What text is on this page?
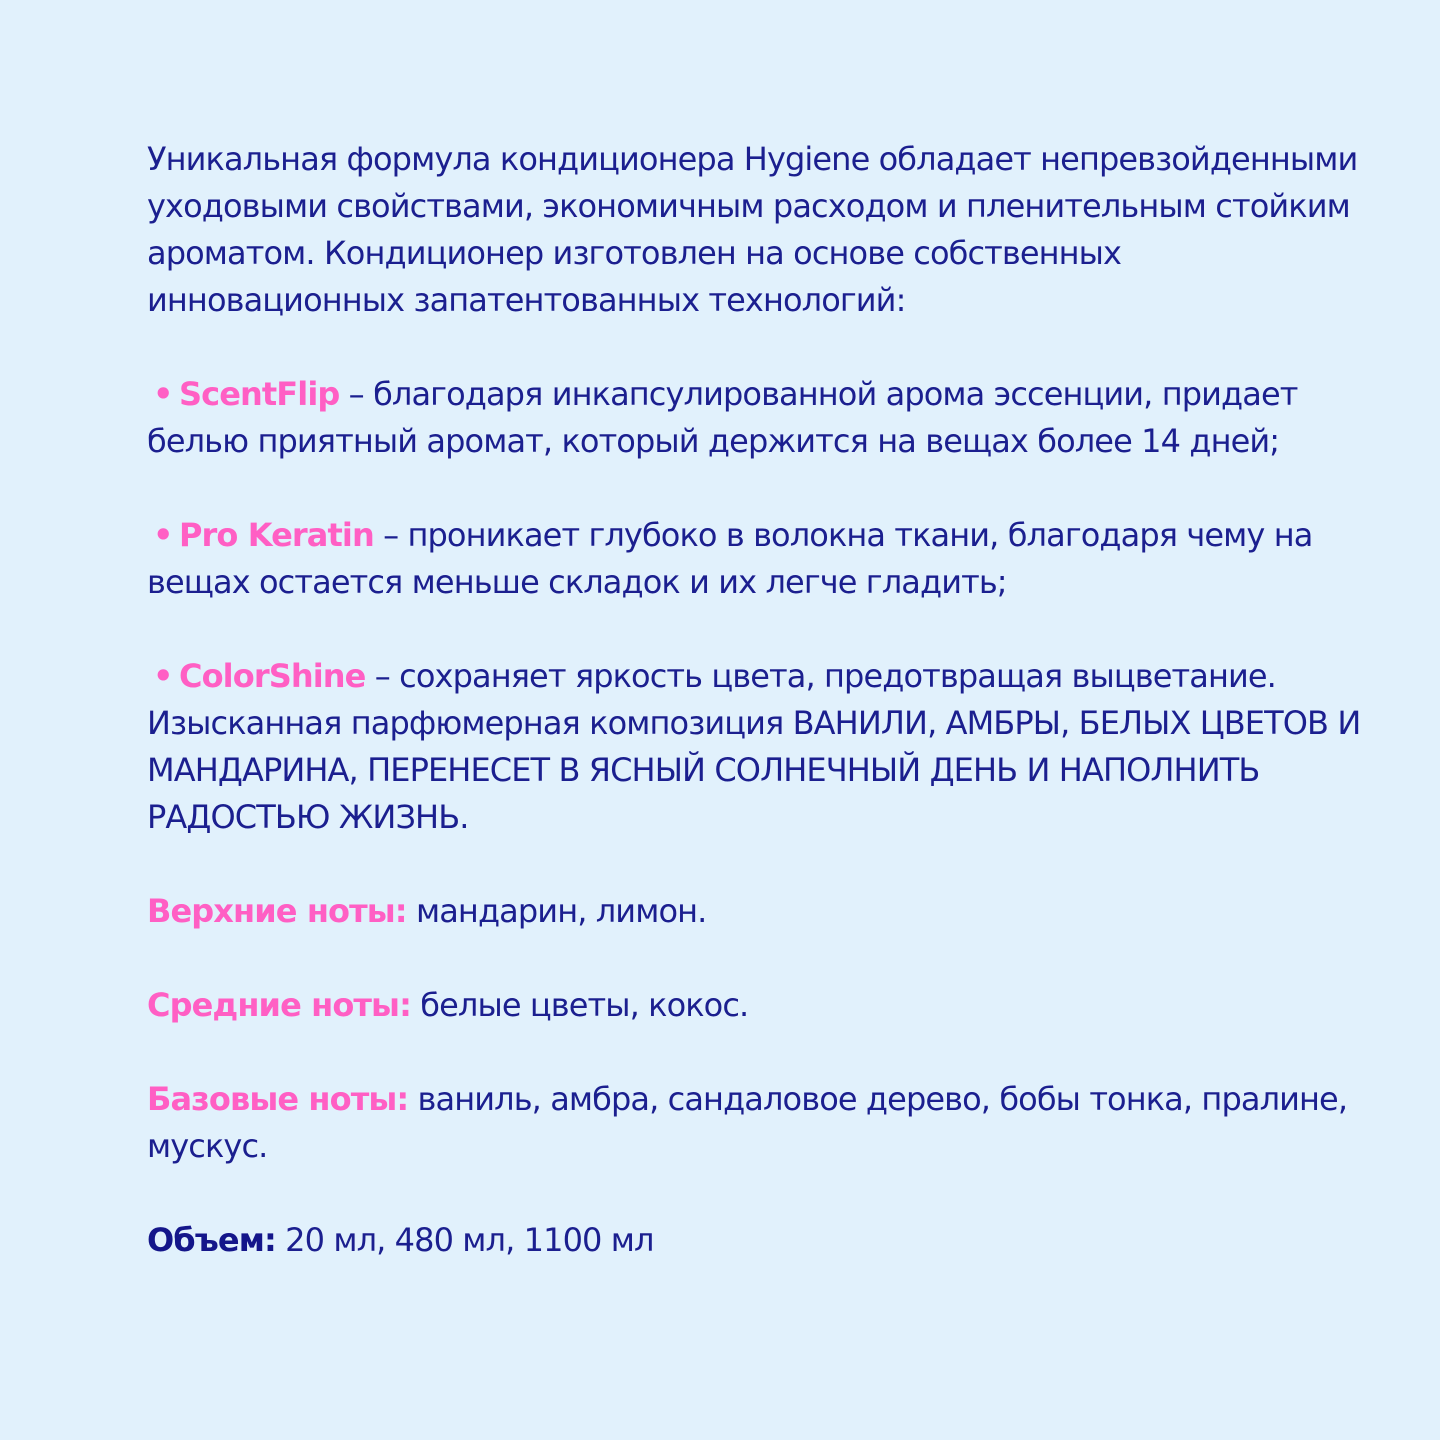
Уникальная формула кондиционера Hygiene обладает непревзойденными уходовыми свойствами, экономичным расходом и пленительным стойким ароматом. Кондиционер изготовлен на основе собственных инновационных запатентованных технологий:

• ScentFlip – благодаря инкапсулированной арома эссенции, придает белью приятный аромат, который держится на вещах более 14 дней;

• Pro Keratin – проникает глубоко в волокна ткани, благодаря чему на вещах остается меньше складок и их легче гладить;

• ColorShine – сохраняет яркость цвета, предотвращая выцветание. Изысканная парфюмерная композиция ВАНИЛИ, АМБРЫ, БЕЛЫХ ЦВЕТОВ И МАНДАРИНА, ПЕРЕНЕСЕТ В ЯСНЫЙ СОЛНЕЧНЫЙ ДЕНЬ И НАПОЛНИТЬ РАДОСТЬЮ ЖИЗНЬ.

Верхние ноты: мандарин, лимон.

Средние ноты: белые цветы, кокос.

Базовые ноты: ваниль, амбра, сандаловое дерево, бобы тонка, пралине, мускус.

Объем: 20 мл, 480 мл, 1100 мл
